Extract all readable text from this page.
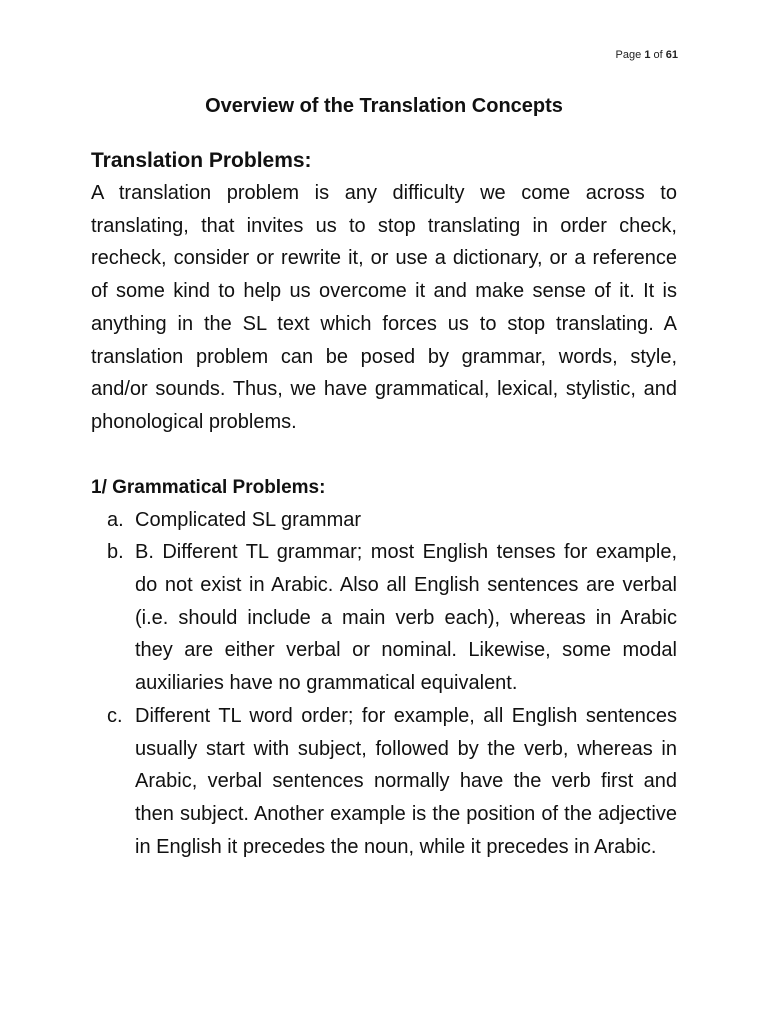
Page 1 of 61
Overview of the Translation Concepts
Translation Problems:

A translation problem is any difficulty we come across to translating, that invites us to stop translating in order check, recheck, consider or rewrite it, or use a dictionary, or a reference of some kind to help us overcome it and make sense of it. It is anything in the SL text which forces us to stop translating. A translation problem can be posed by grammar, words, style, and/or sounds. Thus, we have grammatical, lexical, stylistic, and phonological problems.

1/ Grammatical Problems:
a. Complicated SL grammar
b. B. Different TL grammar; most English tenses for example, do not exist in Arabic. Also all English sentences are verbal (i.e. should include a main verb each), whereas in Arabic they are either verbal or nominal. Likewise, some modal auxiliaries have no grammatical equivalent.
c. Different TL word order; for example, all English sentences usually start with subject, followed by the verb, whereas in Arabic, verbal sentences normally have the verb first and then subject. Another example is the position of the adjective in English it precedes the noun, while it precedes in Arabic.
